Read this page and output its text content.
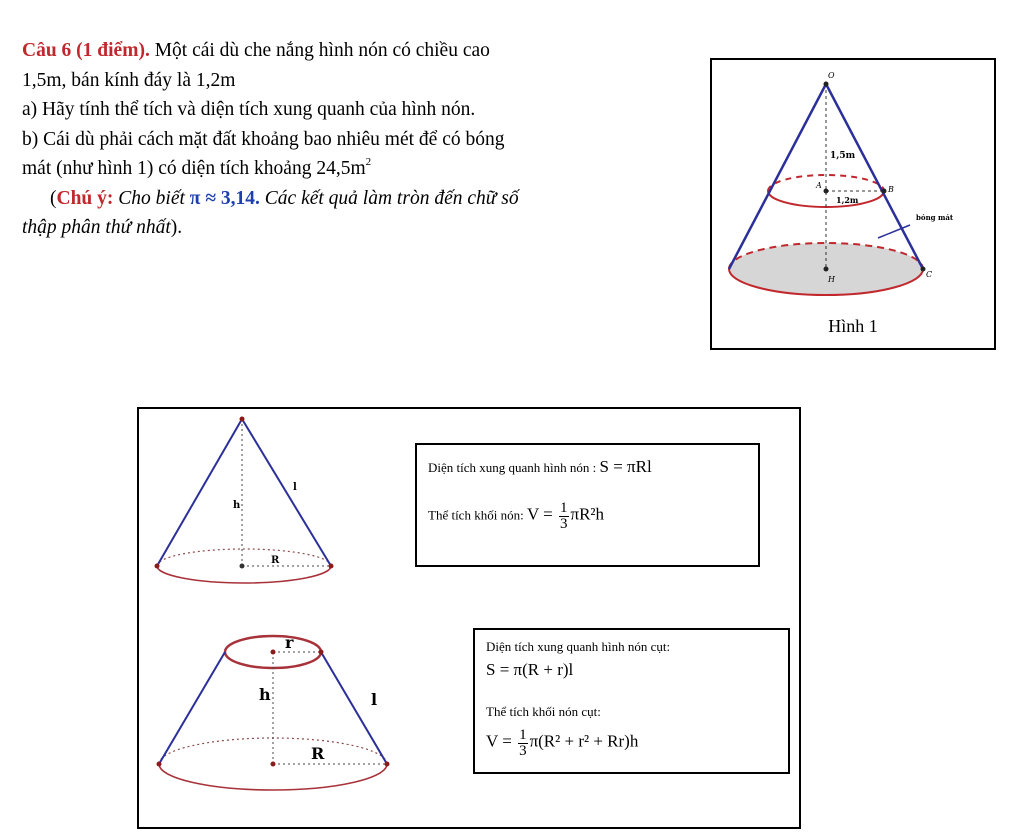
Câu 6 (1 điểm). Một cái dù che nắng hình nón có chiều cao

1,5m, bán kính đáy là 1,2m

a) Hãy tính thể tích và diện tích xung quanh của hình nón.

b) Cái dù phải cách mặt đất khoảng bao nhiêu mét để có bóng

mát (như hình 1) có diện tích khoảng $24,5m^2$

(Chú ý: Cho biết π ≈ 3,14. Các kết quả làm tròn đến chữ số

thập phân thứ nhất).

O
A	B
H
C
1,5m
1,2m
bóng mát
Hình 1
h
l
R
r
h	l
R
Diện tích xung quanh hình nón : S = πRl
Thể tích khối nón: $V = \frac{1}{3} \pi R^2h$
Diện tích xung quanh hình nón cụt:
S = π(R + r)l
Thể tích khối nón cụt:
$V = \frac{1}{3} \pi(R^2 + r^2 + Rr)h$
